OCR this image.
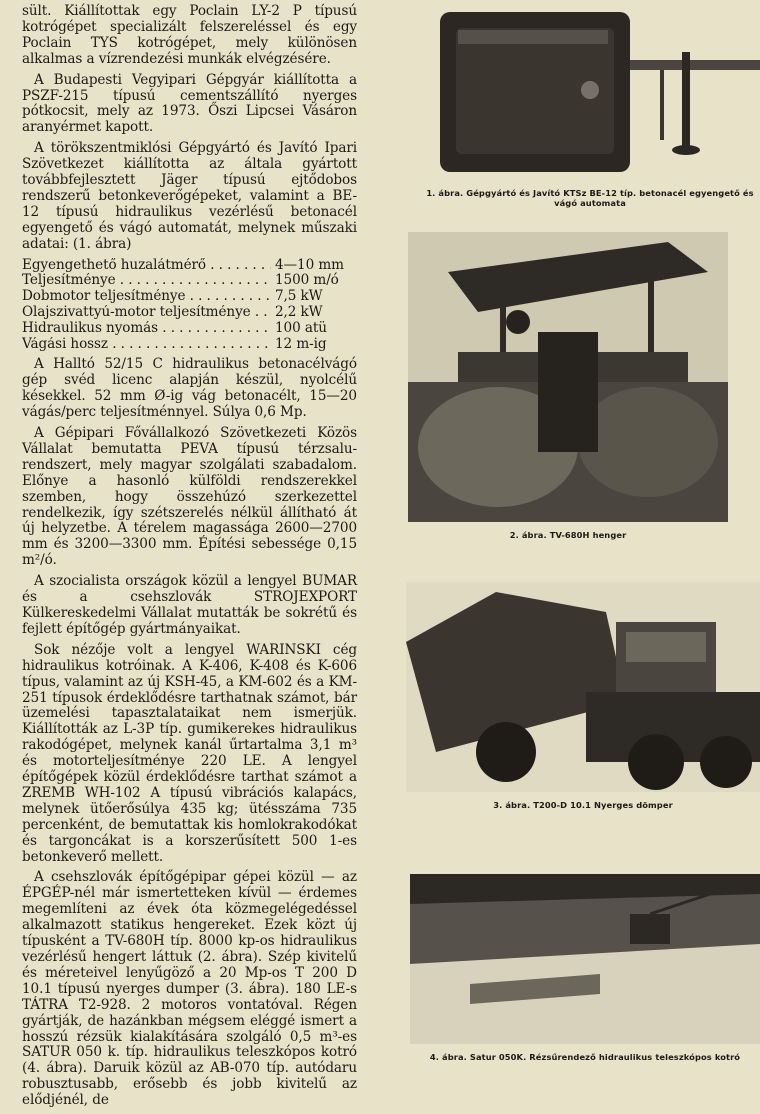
sült. Kiállítottak egy Poclain LY-2 P típusú kotrógépet specializált felszereléssel és egy Poclain TYS kotrógépet, mely különösen alkalmas a vízrendezési munkák elvégzésére.

A Budapesti Vegyipari Gépgyár kiállította a PSZF-215 típusú cementszállító nyerges pótkocsit, mely az 1973. Őszi Lipcsei Vásáron aranyérmet kapott.

A törökszentmiklósi Gépgyártó és Javító Ipari Szövetkezet kiállította az általa gyártott továbbfejlesztett Jäger típusú ejtődobos rendszerű betonkeverőgépeket, valamint a BE-12 típusú hidraulikus vezérlésű betonacél egyengető és vágó automatát, melynek műszaki adatai: (1. ábra)

Egyengethető huzalátmérő . . .	4—10 mm
Teljesítménye . . .	1500 m/ó
Dobmotor teljesítménye . . .	7,5 kW
Olajszivattyú-motor teljesítménye . . .	2,2 kW
Hidraulikus nyomás . . .	100 atü
Vágási hossz . . .	12 m-ig

A Halltó 52/15 C hidraulikus betonacélvágó gép svéd licenc alapján készül, nyolcélű késekkel. 52 mm Ø-ig vág betonacélt, 15—20 vágás/perc teljesítménnyel. Súlya 0,6 Mp.

A Gépipari Fővállalkozó Szövetkezeti Közös Vállalat bemutatta PEVA típusú térzsalu-rendszert, mely magyar szolgálati szabadalom. Előnye a hasonló külföldi rendszerekkel szemben, hogy összehúzó szerkezettel rendelkezik, így szétszerelés nélkül állítható át új helyzetbe. A térelem magassága 2600—2700 mm és 3200—3300 mm. Építési sebessége 0,15 m²/ó.

A szocialista országok közül a lengyel BUMAR és a csehszlovák STROJEXPORT Külkereskedelmi Vállalat mutatták be sokrétű és fejlett építőgép gyártmányaikat.

Sok nézője volt a lengyel WARINSKI cég hidraulikus kotróinak. A K-406, K-408 és K-606 típus, valamint az új KSH-45, a KM-602 és a KM-251 típusok érdeklődésre tarthatnak számot, bár üzemelési tapasztalataikat nem ismerjük. Kiállították az L-3P típ. gumikerekes hidraulikus rakodógépet, melynek kanál űrtartalma 3,1 m³ és motorteljesítménye 220 LE. A lengyel építőgépek közül érdeklődésre tarthat számot a ZREMB WH-102 A típusú vibrációs kalapács, melynek ütőerősúlya 435 kg; ütésszáma 735 percenként, de bemutattak kis homlokrakodókat és targoncákat is a korszerűsített 500 1-es betonkeverő mellett.

A csehszlovák építőgépipar gépei közül — az ÉPGÉP-nél már ismertetteken kívül — érdemes megemlíteni az évek óta közmegelégedéssel alkalmazott statikus hengereket. Ezek közt új típusként a TV-680H típ. 8000 kp-os hidraulikus vezérlésű hengert láttuk (2. ábra). Szép kivitelű és méreteivel lenyűgöző a 20 Mp-os T 200 D 10.1 típusú nyerges dumper (3. ábra). 180 LE-s TÁTRA T2-928. 2 motoros vontatóval. Régen gyártják, de hazánkban mégsem eléggé ismert a hosszú rézsük kialakítására szolgáló 0,5 m³-es SATUR 050 k. típ. hidraulikus teleszkópos kotró (4. ábra). Daruik közül az AB-070 típ. autódaru robusztusabb, erősebb és jobb kivitelű az elődjénél, de

1. ábra. Gépgyártó és Javító KTSz BE-12 típ. betonacél egyengető és vágó automata
2. ábra. TV-680H henger
3. ábra. T200-D 10.1 Nyerges dömper
4. ábra. Satur 050K. Rézsűrendező hidraulikus teleszkópos kotró
